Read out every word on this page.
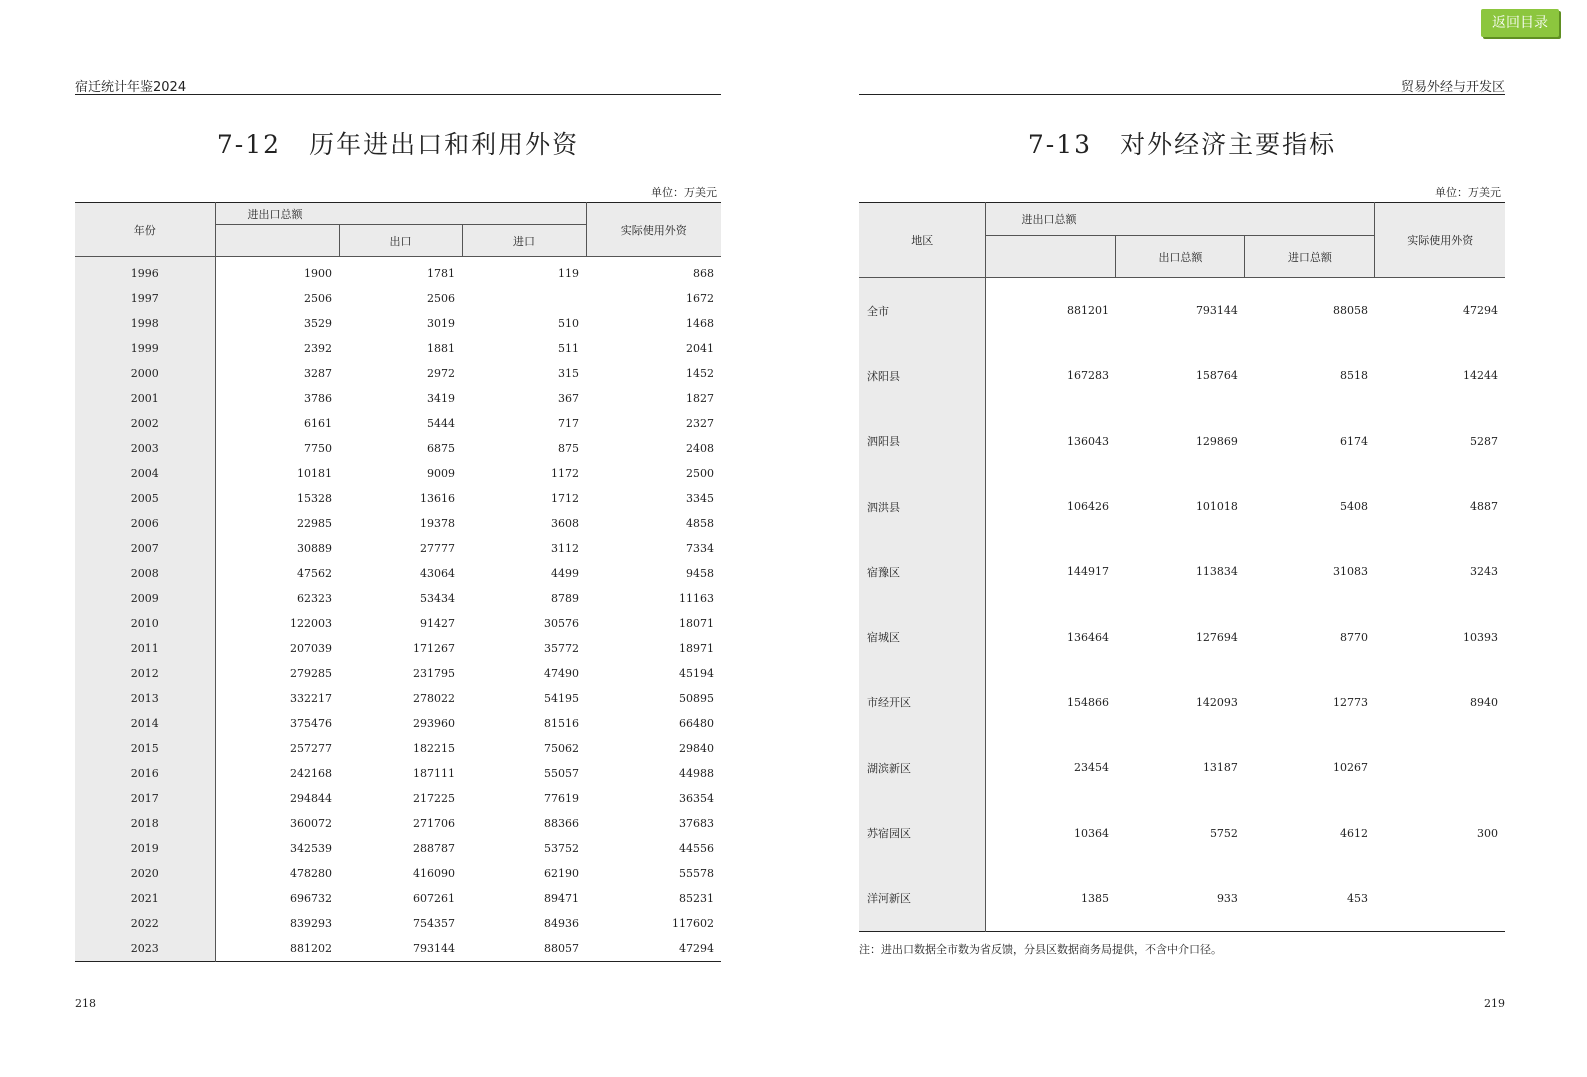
返回目录
宿迁统计年鉴2024
7-12 历年进出口和利用外资
单位：万美元
年份	进出口总额			实际使用外资
		出口	进口	
1996	1900	1781	119	868
1997	2506	2506		1672
1998	3529	3019	510	1468
1999	2392	1881	511	2041
2000	3287	2972	315	1452
2001	3786	3419	367	1827
2002	6161	5444	717	2327
2003	7750	6875	875	2408
2004	10181	9009	1172	2500
2005	15328	13616	1712	3345
2006	22985	19378	3608	4858
2007	30889	27777	3112	7334
2008	47562	43064	4499	9458
2009	62323	53434	8789	11163
2010	122003	91427	30576	18071
2011	207039	171267	35772	18971
2012	279285	231795	47490	45194
2013	332217	278022	54195	50895
2014	375476	293960	81516	66480
2015	257277	182215	75062	29840
2016	242168	187111	55057	44988
2017	294844	217225	77619	36354
2018	360072	271706	88366	37683
2019	342539	288787	53752	44556
2020	478280	416090	62190	55578
2021	696732	607261	89471	85231
2022	839293	754357	84936	117602
2023	881202	793144	88057	47294
218
贸易外经与开发区
7-13 对外经济主要指标
单位：万美元
地区	进出口总额			实际使用外资
		出口总额	进口总额	
全市	881201	793144	88058	47294
沭阳县	167283	158764	8518	14244
泗阳县	136043	129869	6174	5287
泗洪县	106426	101018	5408	4887
宿豫区	144917	113834	31083	3243
宿城区	136464	127694	8770	10393
市经开区	154866	142093	12773	8940
湖滨新区	23454	13187	10267	
苏宿园区	10364	5752	4612	300
洋河新区	1385	933	453	
注：进出口数据全市数为省反馈，分县区数据商务局提供，不含中介口径。
219
